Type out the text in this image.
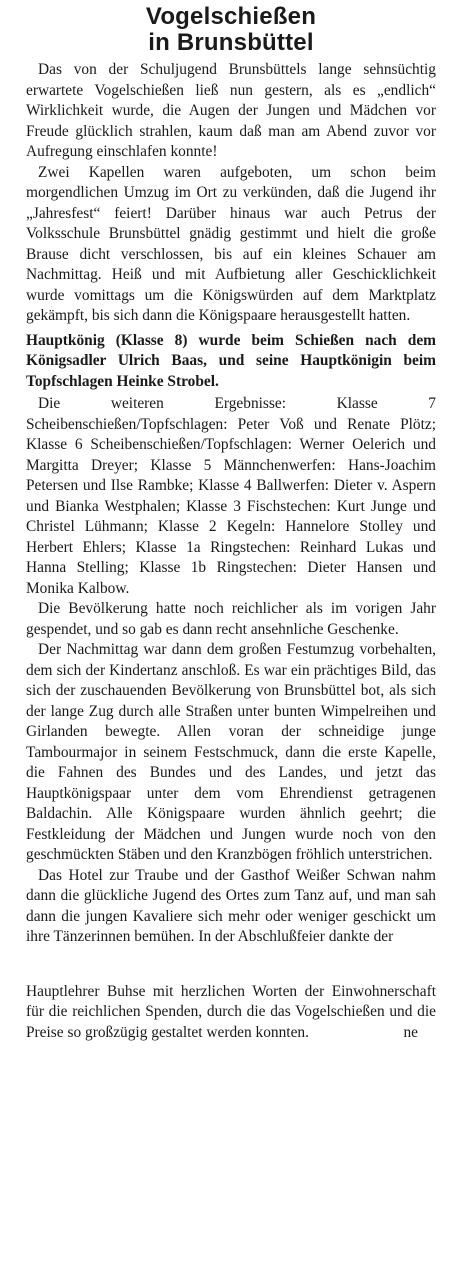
Vogelschießen
in Brunsbüttel

Das von der Schuljugend Brunsbüttels lange sehnsüchtig erwartete Vogelschießen ließ nun gestern, als es „endlich“ Wirklichkeit wurde, die Augen der Jungen und Mädchen vor Freude glücklich strahlen, kaum daß man am Abend zuvor vor Aufregung einschlafen konnte!

Zwei Kapellen waren aufgeboten, um schon beim morgendlichen Umzug im Ort zu verkünden, daß die Jugend ihr „Jahresfest“ feiert! Darüber hinaus war auch Petrus der Volksschule Brunsbüttel gnädig gestimmt und hielt die große Brause dicht verschlossen, bis auf ein kleines Schauer am Nachmittag. Heiß und mit Aufbietung aller Geschicklichkeit wurde vomittags um die Königswürden auf dem Marktplatz gekämpft, bis sich dann die Königspaare herausgestellt hatten.

Hauptkönig (Klasse 8) wurde beim Schießen nach dem Königsadler Ulrich Baas, und seine Hauptkönigin beim Topfschlagen Heinke Strobel.

Die weiteren Ergebnisse: Klasse 7 Scheibenschießen/Topfschlagen: Peter Voß und Renate Plötz; Klasse 6 Scheibenschießen/Topfschlagen: Werner Oelerich und Margitta Dreyer; Klasse 5 Männchenwerfen: Hans-Joachim Petersen und Ilse Rambke; Klasse 4 Ballwerfen: Dieter v. Aspern und Bianka Westphalen; Klasse 3 Fischstechen: Kurt Junge und Christel Lühmann; Klasse 2 Kegeln: Hannelore Stolley und Herbert Ehlers; Klasse 1a Ringstechen: Reinhard Lukas und Hanna Stelling; Klasse 1b Ringstechen: Dieter Hansen und Monika Kalbow.

Die Bevölkerung hatte noch reichlicher als im vorigen Jahr gespendet, und so gab es dann recht ansehnliche Geschenke.

Der Nachmittag war dann dem großen Festumzug vorbehalten, dem sich der Kindertanz anschloß. Es war ein prächtiges Bild, das sich der zuschauenden Bevölkerung von Brunsbüttel bot, als sich der lange Zug durch alle Straßen unter bunten Wimpelreihen und Girlanden bewegte. Allen voran der schneidige junge Tambourmajor in seinem Festschmuck, dann die erste Kapelle, die Fahnen des Bundes und des Landes, und jetzt das Hauptkönigspaar unter dem vom Ehrendienst getragenen Baldachin. Alle Königspaare wurden ähnlich geehrt; die Festkleidung der Mädchen und Jungen wurde noch von den geschmückten Stäben und den Kranzbögen fröhlich unterstrichen.

Das Hotel zur Traube und der Gasthof Weißer Schwan nahm dann die glückliche Jugend des Ortes zum Tanz auf, und man sah dann die jungen Kavaliere sich mehr oder weniger geschickt um ihre Tänzerinnen bemühen. In der Abschlußfeier dankte der

Hauptlehrer Buhse mit herzlichen Worten der Einwohnerschaft für die reichlichen Spenden, durch die das Vogelschießen und die Preise so großzügig gestaltet werden konnten.	ne
